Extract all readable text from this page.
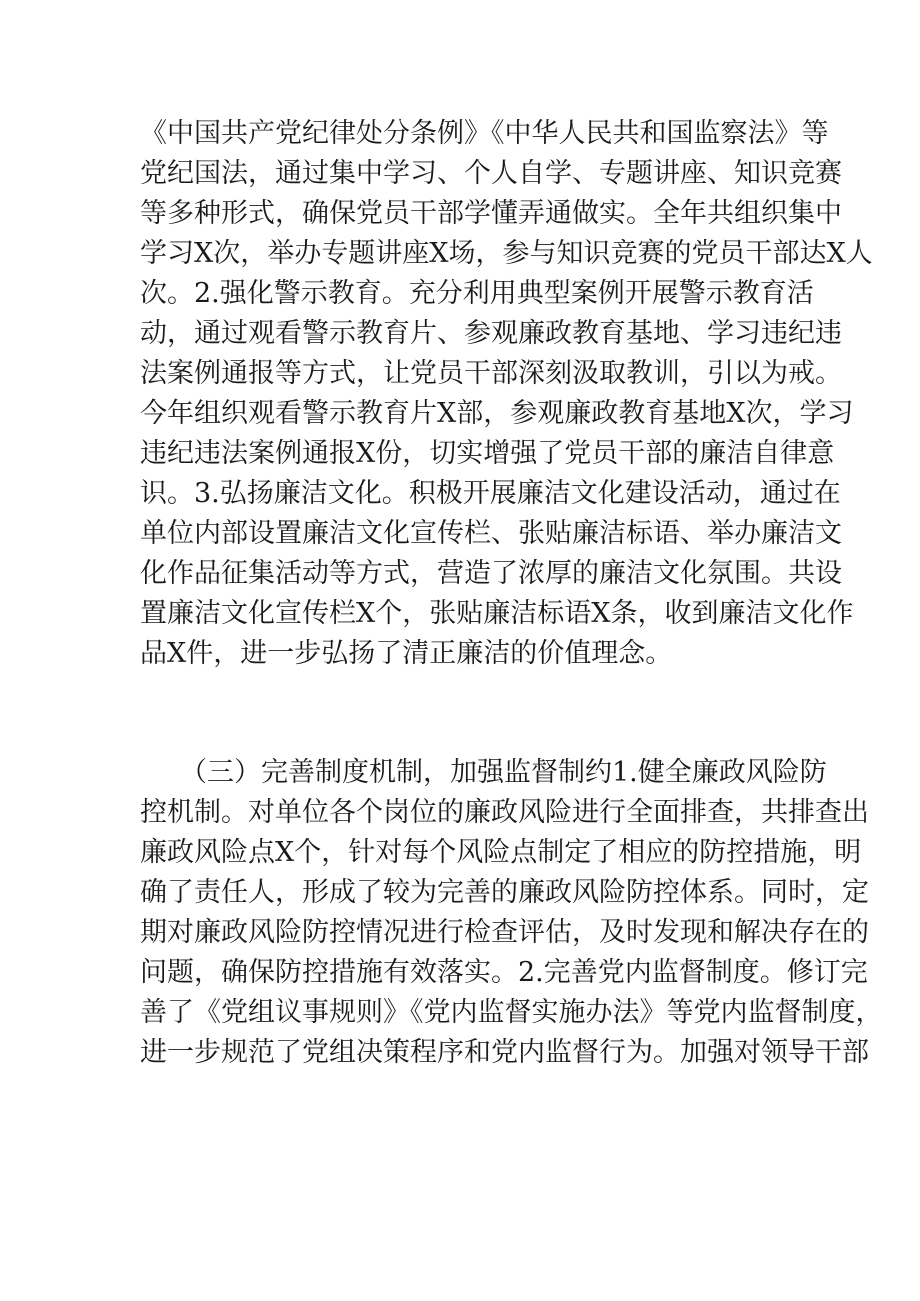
《中国共产党纪律处分条例》《中华人民共和国监察法》等
党纪国法，通过集中学习、个人自学、专题讲座、知识竞赛
等多种形式，确保党员干部学懂弄通做实。全年共组织集中
学习X次，举办专题讲座X场，参与知识竞赛的党员干部达X人
次。2.强化警示教育。充分利用典型案例开展警示教育活
动，通过观看警示教育片、参观廉政教育基地、学习违纪违
法案例通报等方式，让党员干部深刻汲取教训，引以为戒。
今年组织观看警示教育片X部，参观廉政教育基地X次，学习
违纪违法案例通报X份，切实增强了党员干部的廉洁自律意
识。3.弘扬廉洁文化。积极开展廉洁文化建设活动，通过在
单位内部设置廉洁文化宣传栏、张贴廉洁标语、举办廉洁文
化作品征集活动等方式，营造了浓厚的廉洁文化氛围。共设
置廉洁文化宣传栏X个，张贴廉洁标语X条，收到廉洁文化作
品X件，进一步弘扬了清正廉洁的价值理念。
（三）完善制度机制，加强监督制约1.健全廉政风险防
控机制。对单位各个岗位的廉政风险进行全面排查，共排查出
廉政风险点X个，针对每个风险点制定了相应的防控措施，明
确了责任人，形成了较为完善的廉政风险防控体系。同时，定
期对廉政风险防控情况进行检查评估，及时发现和解决存在的
问题，确保防控措施有效落实。2.完善党内监督制度。修订完
善了《党组议事规则》《党内监督实施办法》等党内监督制度，
进一步规范了党组决策程序和党内监督行为。加强对领导干部
